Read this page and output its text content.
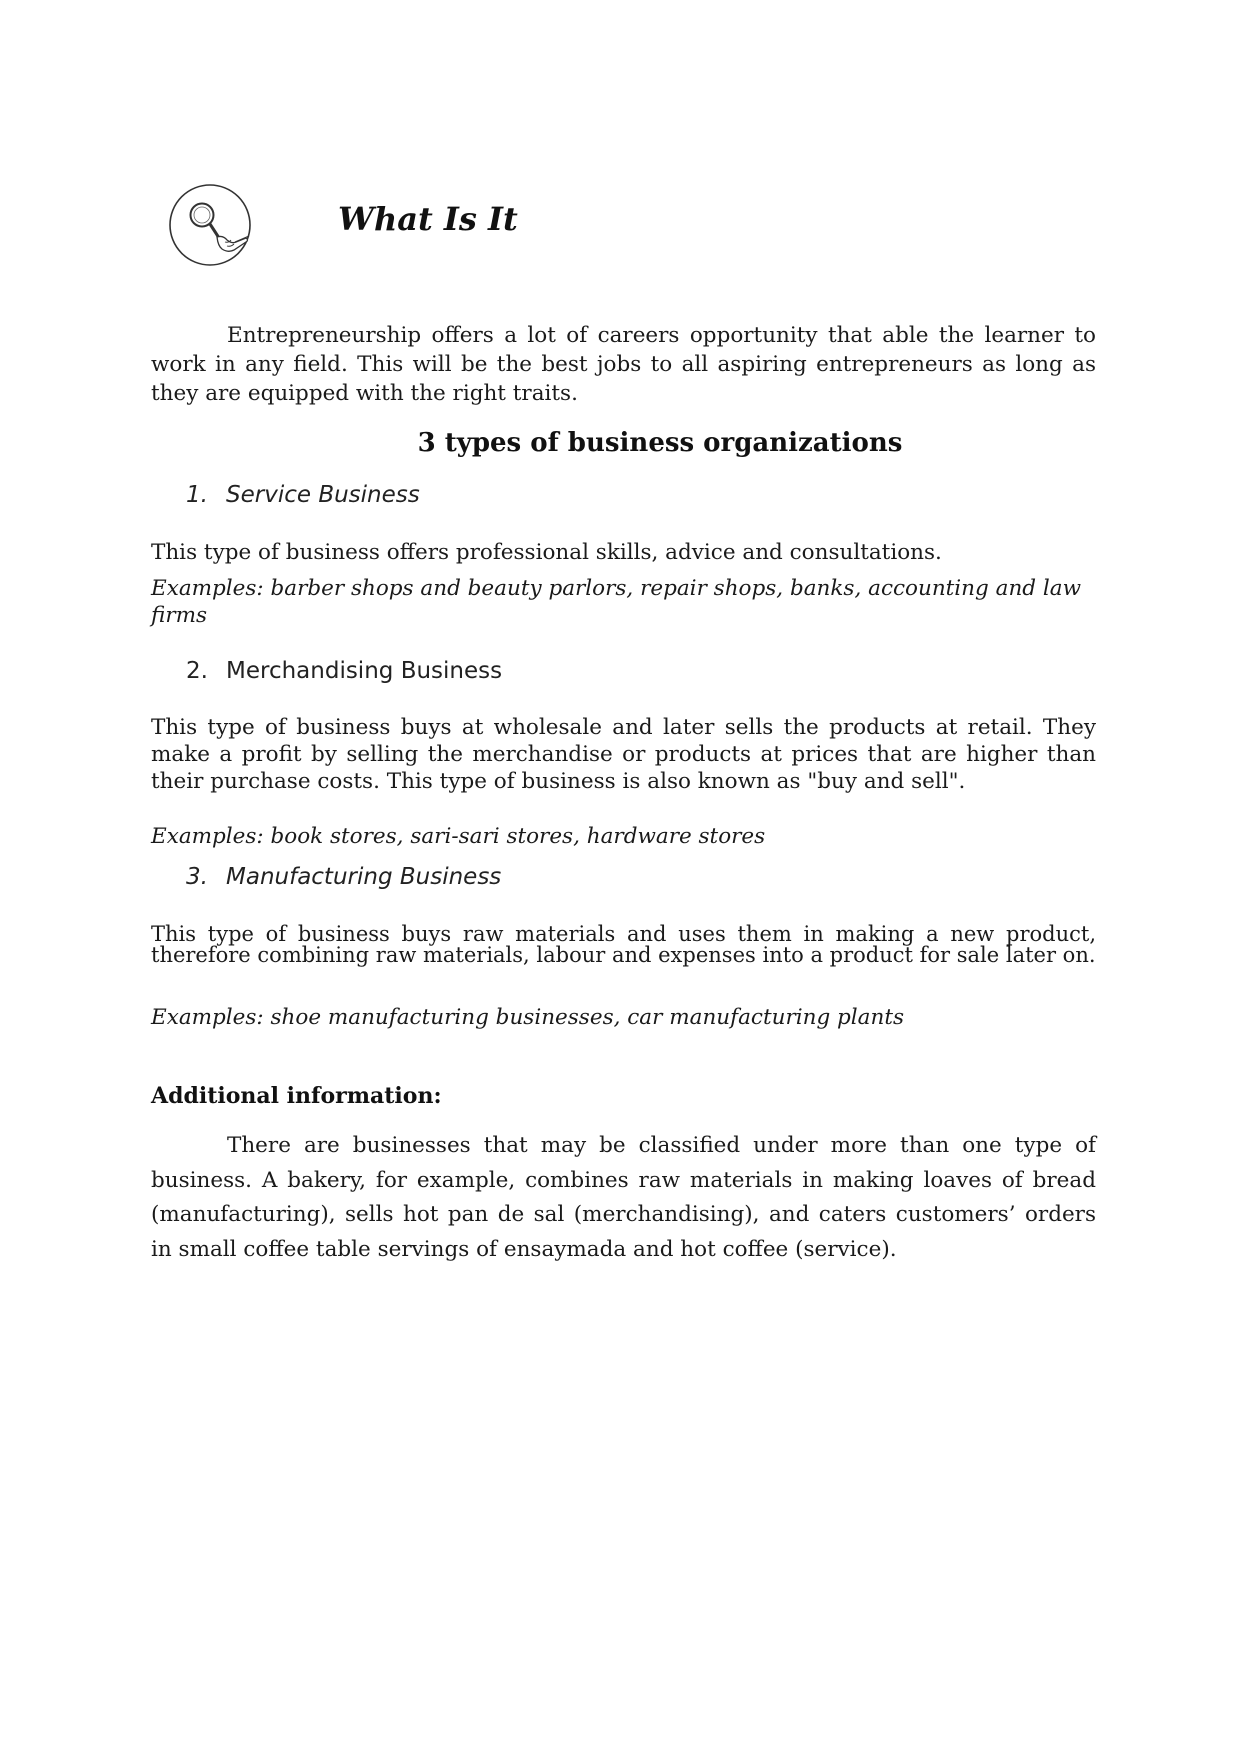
What Is It

Entrepreneurship offers a lot of careers opportunity that able the learner to work in any field. This will be the best jobs to all aspiring entrepreneurs as long as they are equipped with the right traits.

3 types of business organizations
1. Service Business

This type of business offers professional skills, advice and consultations.

Examples: barber shops and beauty parlors, repair shops, banks, accounting and law firms

2. Merchandising Business

This type of business buys at wholesale and later sells the products at retail. They make a profit by selling the merchandise or products at prices that are higher than their purchase costs. This type of business is also known as "buy and sell".

Examples: book stores, sari-sari stores, hardware stores

3. Manufacturing Business

This type of business buys raw materials and uses them in making a new product, therefore combining raw materials, labour and expenses into a product for sale later on.

Examples: shoe manufacturing businesses, car manufacturing plants

Additional information:

There are businesses that may be classified under more than one type of business. A bakery, for example, combines raw materials in making loaves of bread (manufacturing), sells hot pan de sal (merchandising), and caters customers’ orders in small coffee table servings of ensaymada and hot coffee (service).
